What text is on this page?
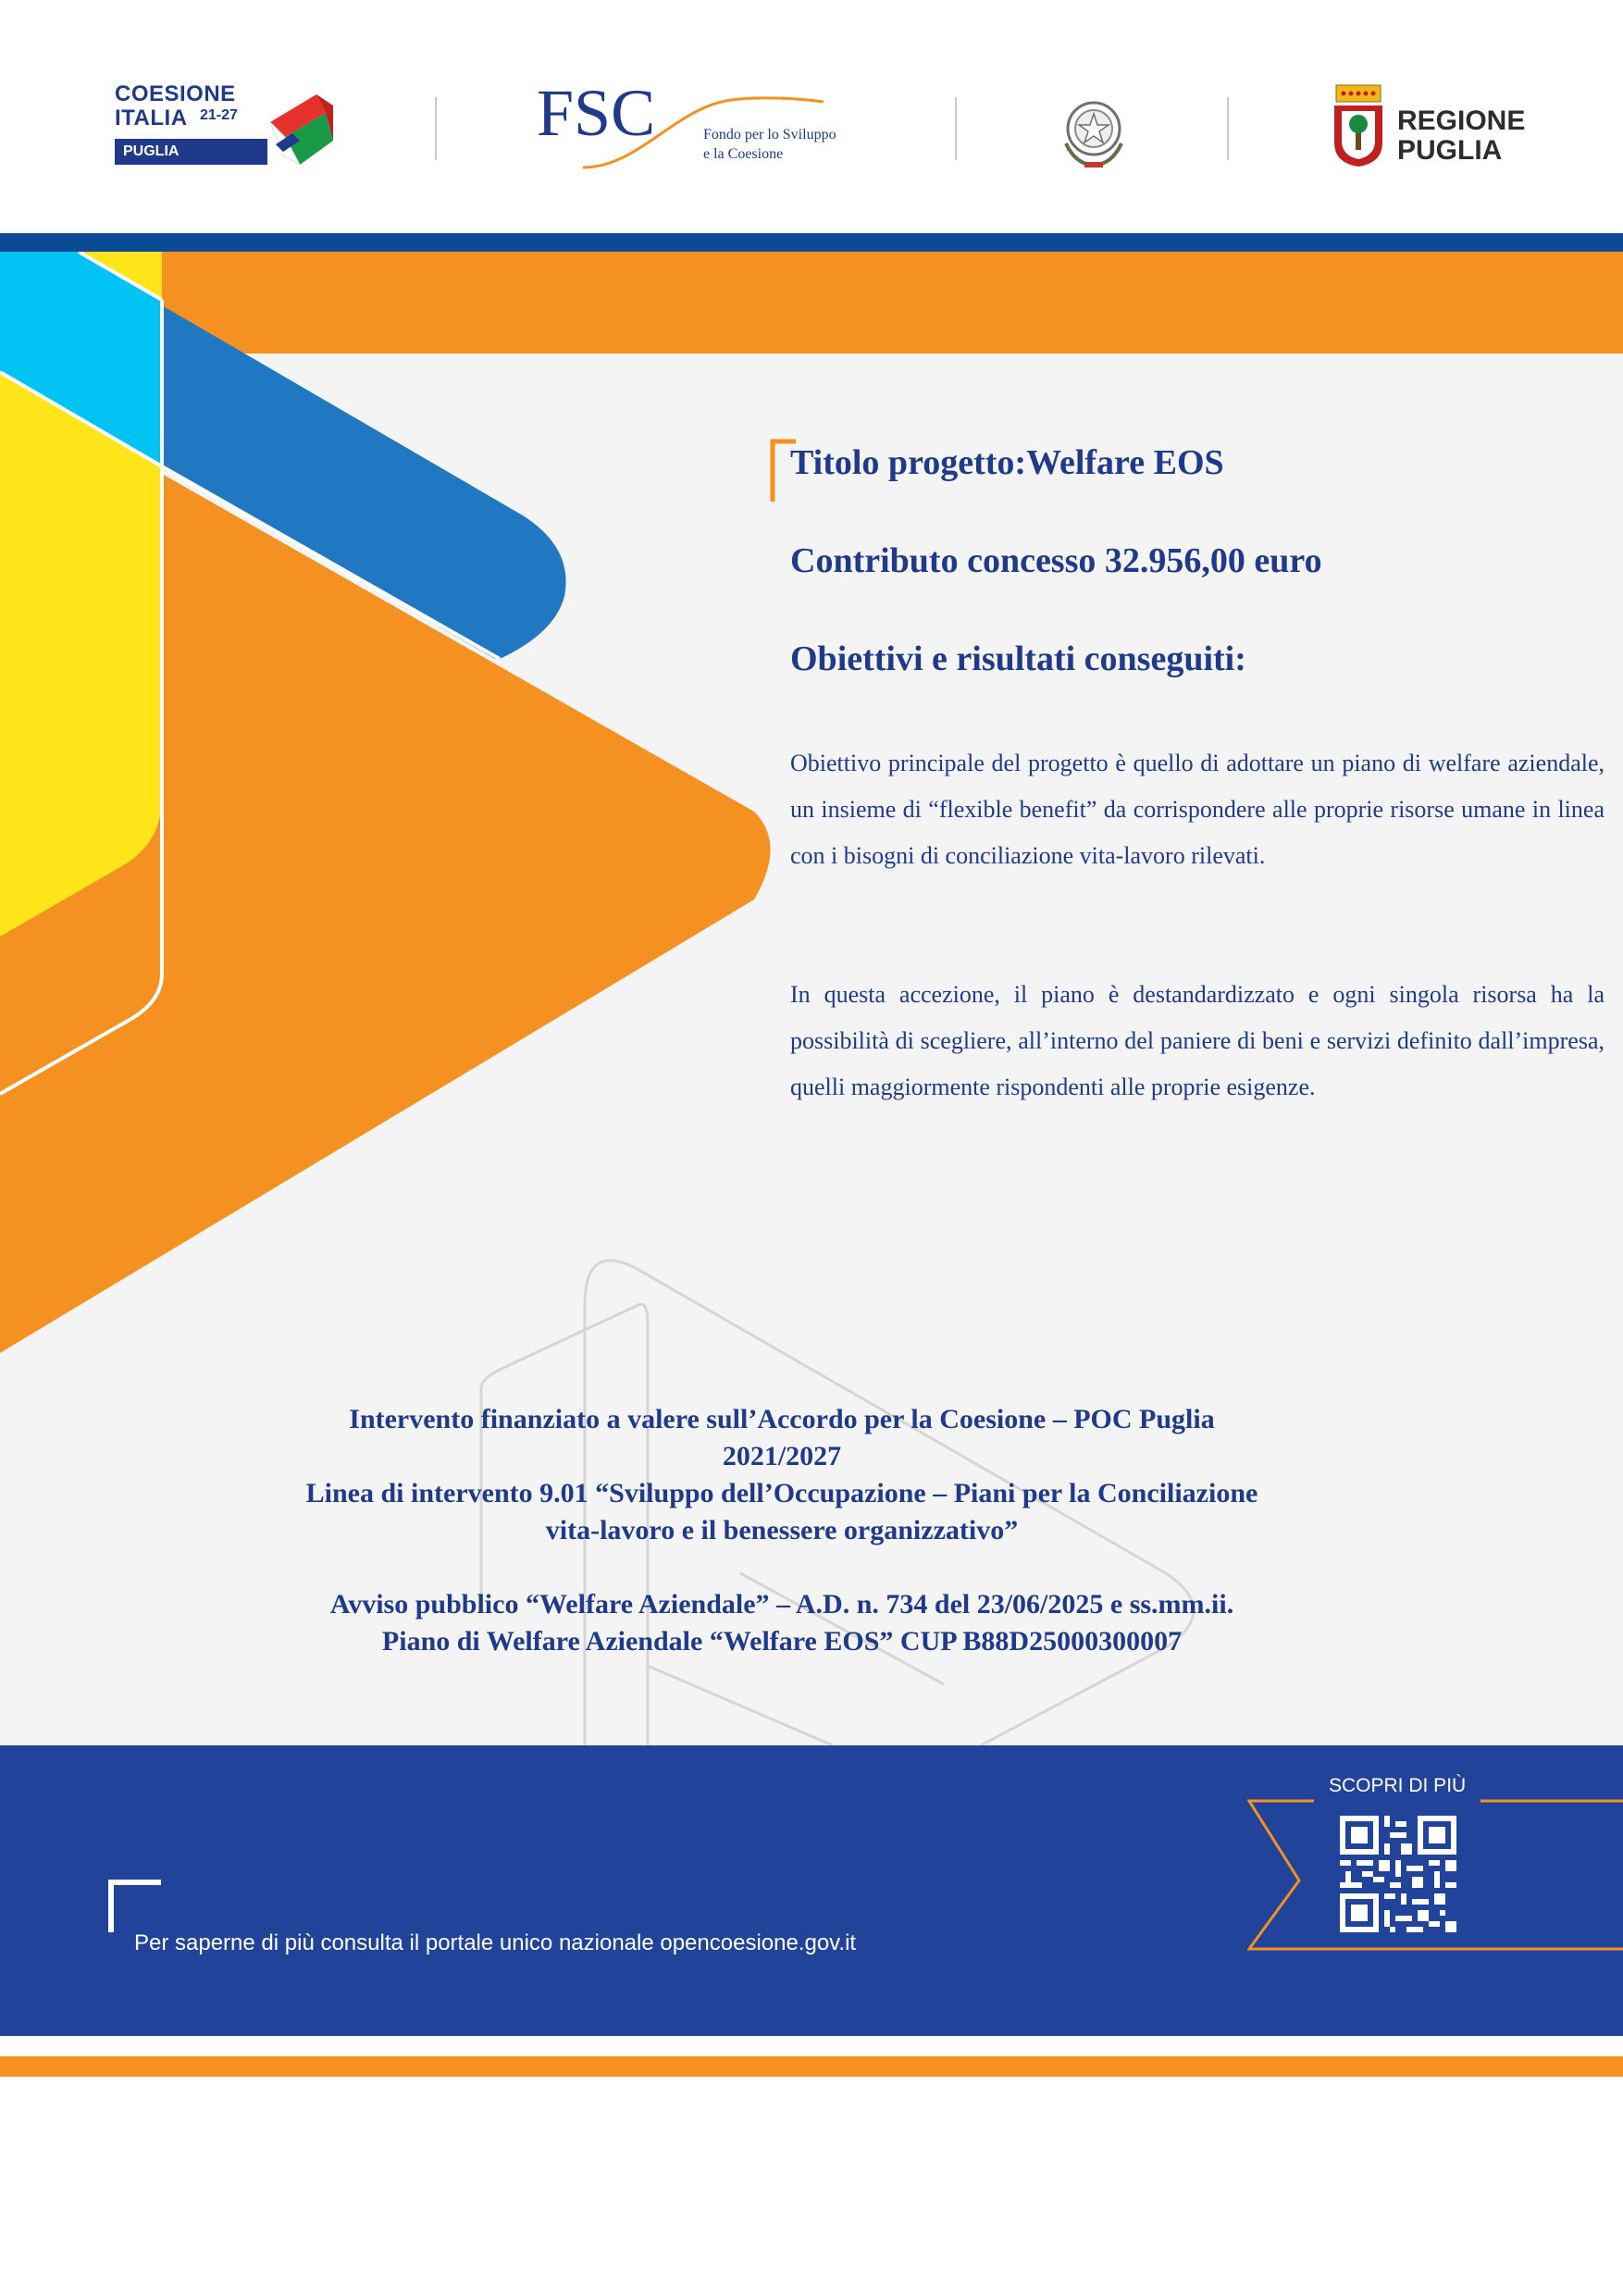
COESIONE
ITALIA 21-27
PUGLIA
FSC	Fondo per lo Sviluppo
e la Coesione
REGIONE
PUGLIA
Titolo progetto:Welfare EOS
Contributo concesso 32.956,00 euro
Obiettivi e risultati conseguiti:
Obiettivo principale del progetto è quello di adottare un piano di welfare aziendale, un insieme di “flexible benefit” da corrispondere alle proprie risorse umane in linea con i bisogni di conciliazione vita-lavoro rilevati.
In questa accezione, il piano è destandardizzato e ogni singola risorsa ha la possibilità di scegliere, all’interno del paniere di beni e servizi definito dall’impresa, quelli maggiormente rispondenti alle proprie esigenze.
Intervento finanziato a valere sull’Accordo per la Coesione – POC Puglia
2021/2027
Linea di intervento 9.01 “Sviluppo dell’Occupazione – Piani per la Conciliazione
vita-lavoro e il benessere organizzativo”
Avviso pubblico “Welfare Aziendale” – A.D. n. 734 del 23/06/2025 e ss.mm.ii.
Piano di Welfare Aziendale “Welfare EOS” CUP B88D25000300007
Per saperne di più consulta il portale unico nazionale opencoesione.gov.it
SCOPRI DI PIÙ
